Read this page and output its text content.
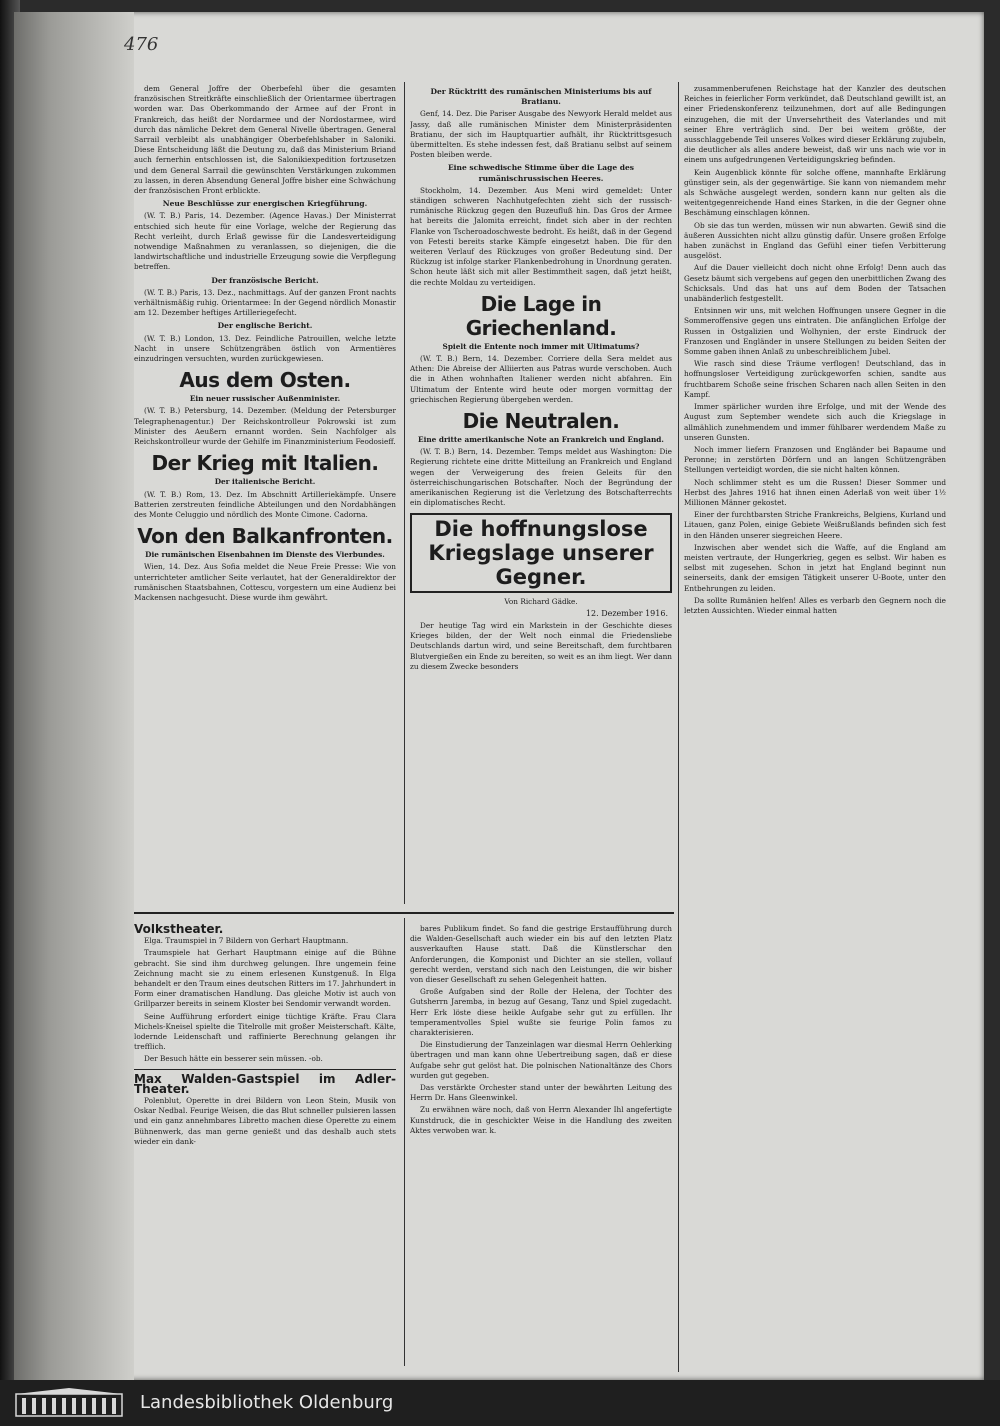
476

dem General Joffre der Oberbefehl über die gesamten französischen Streitkräfte einschließlich der Orientarmee übertragen worden war. Das Oberkommando der Armee auf der Front in Frankreich, das heißt der Nordarmee und der Nordostarmee, wird durch das nämliche Dekret dem General Nivelle übertragen. General Sarrail verbleibt als unabhängiger Oberbefehlshaber in Saloniki. Diese Entscheidung läßt die Deutung zu, daß das Ministerium Briand auch fernerhin entschlossen ist, die Salonikiexpedition fortzusetzen und dem General Sarrail die gewünschten Verstärkungen zukommen zu lassen, in deren Absendung General Joffre bisher eine Schwächung der französischen Front erblickte.

Neue Beschlüsse zur energischen Kriegführung.

(W. T. B.) Paris, 14. Dezember. (Agence Havas.) Der Ministerrat entschied sich heute für eine Vorlage, welche der Regierung das Recht verleiht, durch Erlaß gewisse für die Landesverteidigung notwendige Maßnahmen zu veranlassen, so diejenigen, die die landwirtschaftliche und industrielle Erzeugung sowie die Verpflegung betreffen.

Der französische Bericht.

(W. T. B.) Paris, 13. Dez., nachmittags. Auf der ganzen Front nachts verhältnismäßig ruhig. Orientarmee: In der Gegend nördlich Monastir am 12. Dezember heftiges Artilleriegefecht.

Der englische Bericht.

(W. T. B.) London, 13. Dez. Feindliche Patrouillen, welche letzte Nacht in unsere Schützengräben östlich von Armentières einzudringen versuchten, wurden zurückgewiesen.

Aus dem Osten.
Ein neuer russischer Außenminister.

(W. T. B.) Petersburg, 14. Dezember. (Meldung der Petersburger Telegraphenagentur.) Der Reichskontrolleur Pokrowski ist zum Minister des Aeußern ernannt worden. Sein Nachfolger als Reichskontrolleur wurde der Gehilfe im Finanzministerium Feodosieff.

Der Krieg mit Italien.
Der italienische Bericht.

(W. T. B.) Rom, 13. Dez. Im Abschnitt Artilleriekämpfe. Unsere Batterien zerstreuten feindliche Abteilungen und den Nordabhängen des Monte Celuggio und nördlich des Monte Cimone. Cadorna.

Von den Balkanfronten.
Die rumänischen Eisenbahnen im Dienste des Vierbundes.

Wien, 14. Dez. Aus Sofia meldet die Neue Freie Presse: Wie von unterrichteter amtlicher Seite verlautet, hat der Generaldirektor der rumänischen Staatsbahnen, Cottescu, vorgestern um eine Audienz bei Mackensen nachgesucht. Diese wurde ihm gewährt.

Der Rücktritt des rumänischen Ministeriums bis auf Bratianu.

Genf, 14. Dez. Die Pariser Ausgabe des Newyork Herald meldet aus Jassy, daß alle rumänischen Minister dem Ministerpräsidenten Bratianu, der sich im Hauptquartier aufhält, ihr Rücktrittsgesuch übermittelten. Es stehe indessen fest, daß Bratianu selbst auf seinem Posten bleiben werde.

Eine schwedische Stimme über die Lage des rumänischrussischen Heeres.

Stockholm, 14. Dezember. Aus Meni wird gemeldet: Unter ständigen schweren Nachhutgefechten zieht sich der russisch-rumänische Rückzug gegen den Buzeufluß hin. Das Gros der Armee hat bereits die Jalomita erreicht, findet sich aber in der rechten Flanke von Tscheroadoschweste bedroht. Es heißt, daß in der Gegend von Fetesti bereits starke Kämpfe eingesetzt haben. Die für den weiteren Verlauf des Rückzuges von großer Bedeutung sind. Der Rückzug ist infolge starker Flankenbedrohung in Unordnung geraten. Schon heute läßt sich mit aller Bestimmtheit sagen, daß jetzt heißt, die rechte Moldau zu verteidigen.

Die Lage in Griechenland.
Spielt die Entente noch immer mit Ultimatums?

(W. T. B.) Bern, 14. Dezember. Corriere della Sera meldet aus Athen: Die Abreise der Alliierten aus Patras wurde verschoben. Auch die in Athen wohnhaften Italiener werden nicht abfahren. Ein Ultimatum der Entente wird heute oder morgen vormittag der griechischen Regierung übergeben werden.

Die Neutralen.
Eine dritte amerikanische Note an Frankreich und England.

(W. T. B.) Bern, 14. Dezember. Temps meldet aus Washington: Die Regierung richtete eine dritte Mitteilung an Frankreich und England wegen der Verweigerung des freien Geleits für den österreichischungarischen Botschafter. Noch der Begründung der amerikanischen Regierung ist die Verletzung des Botschafterrechts ein diplomatisches Recht.

Die hoffnungslose Kriegslage unserer Gegner.
Von Richard Gädke.
12. Dezember 1916.

Der heutige Tag wird ein Markstein in der Geschichte dieses Krieges bilden, der der Welt noch einmal die Friedensliebe Deutschlands dartun wird, und seine Bereitschaft, dem furchtbaren Blutvergießen ein Ende zu bereiten, so weit es an ihm liegt. Wer dann zu diesem Zwecke besonders

zusammenberufenen Reichstage hat der Kanzler des deutschen Reiches in feierlicher Form verkündet, daß Deutschland gewillt ist, an einer Friedenskonferenz teilzunehmen, dort auf alle Bedingungen einzugehen, die mit der Unversehrtheit des Vaterlandes und mit seiner Ehre verträglich sind. Der bei weitem größte, der ausschlaggebende Teil unseres Volkes wird dieser Erklärung zujubeln, die deutlicher als alles andere beweist, daß wir uns nach wie vor in einem uns aufgedrungenen Verteidigungskrieg befinden.

Kein Augenblick könnte für solche offene, mannhafte Erklärung günstiger sein, als der gegenwärtige. Sie kann von niemandem mehr als Schwäche ausgelegt werden, sondern kann nur gelten als die weitentgegenreichende Hand eines Starken, in die der Gegner ohne Beschämung einschlagen können.

Ob sie das tun werden, müssen wir nun abwarten. Gewiß sind die äußeren Aussichten nicht allzu günstig dafür. Unsere großen Erfolge haben zunächst in England das Gefühl einer tiefen Verbitterung ausgelöst.

Auf die Dauer vielleicht doch nicht ohne Erfolg! Denn auch das Gesetz bäumt sich vergebens auf gegen den unerbittlichen Zwang des Schicksals. Und das hat uns auf dem Boden der Tatsachen unabänderlich festgestellt.

Entsinnen wir uns, mit welchen Hoffnungen unsere Gegner in die Sommeroffensive gegen uns eintraten. Die anfänglichen Erfolge der Russen in Ostgalizien und Wolhynien, der erste Eindruck der Franzosen und Engländer in unsere Stellungen zu beiden Seiten der Somme gaben ihnen Anlaß zu unbeschreiblichem Jubel.

Wie rasch sind diese Träume verflogen! Deutschland, das in hoffnungsloser Verteidigung zurückgeworfen schien, sandte aus fruchtbarem Schoße seine frischen Scharen nach allen Seiten in den Kampf.

Immer spärlicher wurden ihre Erfolge, und mit der Wende des August zum September wendete sich auch die Kriegslage in allmählich zunehmendem und immer fühlbarer werdendem Maße zu unseren Gunsten.

Noch immer liefern Franzosen und Engländer bei Bapaume und Peronne; in zerstörten Dörfern und an langen Schützengräben Stellungen verteidigt worden, die sie nicht halten können.

Noch schlimmer steht es um die Russen! Dieser Sommer und Herbst des Jahres 1916 hat ihnen einen Aderlaß von weit über 1½ Millionen Männer gekostet.

Einer der furchtbarsten Striche Frankreichs, Belgiens, Kurland und Litauen, ganz Polen, einige Gebiete Weißrußlands befinden sich fest in den Händen unserer siegreichen Heere.

Inzwischen aber wendet sich die Waffe, auf die England am meisten vertraute, der Hungerkrieg, gegen es selbst. Wir haben es selbst mit zugesehen. Schon in jetzt hat England beginnt nun seinerseits, dank der emsigen Tätigkeit unserer U-Boote, unter den Entbehrungen zu leiden.

Da sollte Rumänien helfen! Alles es verbarb den Gegnern noch die letzten Aussichten. Wieder einmal hatten

Volkstheater.

Elga. Traumspiel in 7 Bildern von Gerhart Hauptmann.

Traumspiele hat Gerhart Hauptmann einige auf die Bühne gebracht. Sie sind ihm durchweg gelungen. Ihre ungemein feine Zeichnung macht sie zu einem erlesenen Kunstgenuß. In Elga behandelt er den Traum eines deutschen Ritters im 17. Jahrhundert in Form einer dramatischen Handlung. Das gleiche Motiv ist auch von Grillparzer bereits in seinem Kloster bei Sendomir verwandt worden.

Seine Aufführung erfordert einige tüchtige Kräfte. Frau Clara Michels-Kneisel spielte die Titelrolle mit großer Meisterschaft. Kälte, lodernde Leidenschaft und raffinierte Berechnung gelangen ihr trefflich.

Der Besuch hätte ein besserer sein müssen. -ob.

Max Walden-Gastspiel im Adler-Theater.

Polenblut, Operette in drei Bildern von Leon Stein, Musik von Oskar Nedbal. Feurige Weisen, die das Blut schneller pulsieren lassen und ein ganz annehmbares Libretto machen diese Operette zu einem Bühnenwerk, das man gerne genießt und das deshalb auch stets wieder ein dank-

bares Publikum findet. So fand die gestrige Erstaufführung durch die Walden-Gesellschaft auch wieder ein bis auf den letzten Platz ausverkauften Hause statt. Daß die Künstlerschar den Anforderungen, die Komponist und Dichter an sie stellen, vollauf gerecht werden, verstand sich nach den Leistungen, die wir bisher von dieser Gesellschaft zu sehen Gelegenheit hatten.

Große Aufgaben sind der Rolle der Helena, der Tochter des Gutsherrn Jaremba, in bezug auf Gesang, Tanz und Spiel zugedacht. Herr Erk löste diese heikle Aufgabe sehr gut zu erfüllen. Ihr temperamentvolles Spiel wußte sie feurige Polin famos zu charakterisieren.

Die Einstudierung der Tanzeinlagen war diesmal Herrn Oehlerking übertragen und man kann ohne Uebertreibung sagen, daß er diese Aufgabe sehr gut gelöst hat. Die polnischen Nationaltänze des Chors wurden gut gegeben.

Das verstärkte Orchester stand unter der bewährten Leitung des Herrn Dr. Hans Gleenwinkel.

Zu erwähnen wäre noch, daß von Herrn Alexander Ihl angefertigte Kunstdruck, die in geschickter Weise in die Handlung des zweiten Aktes verwoben war. k.

Landesbibliothek Oldenburg
